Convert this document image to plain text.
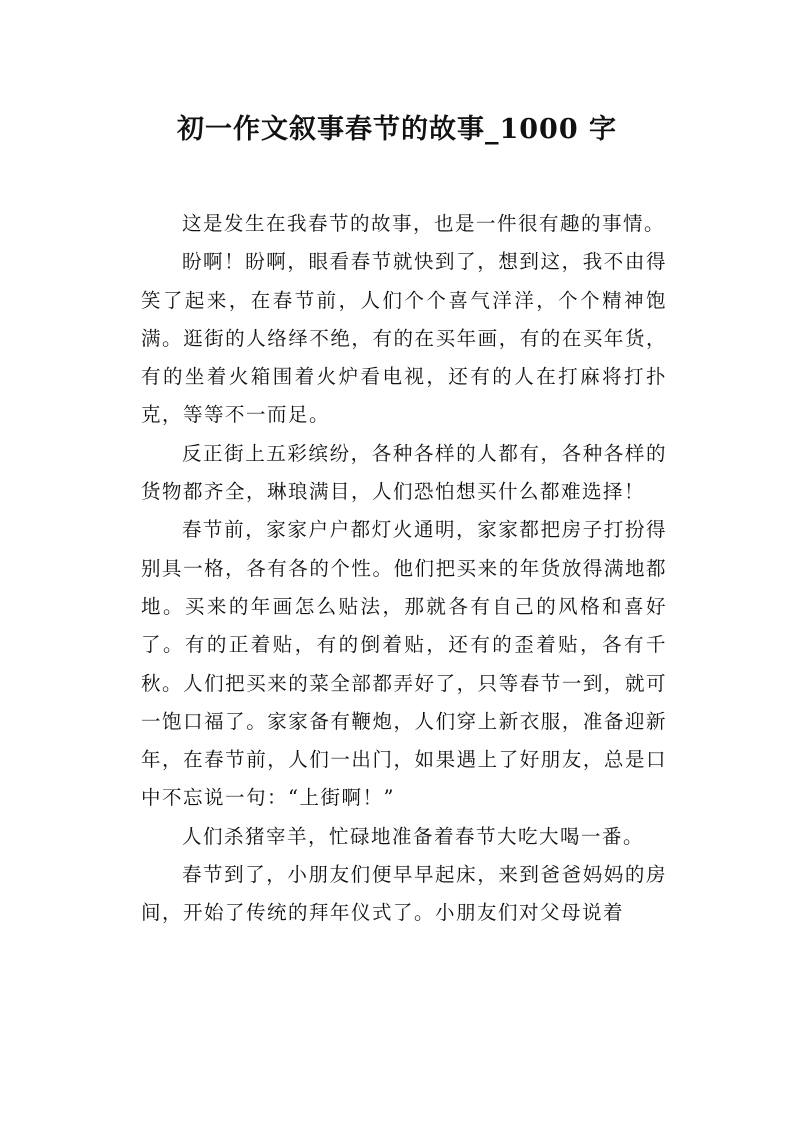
初一作文叙事春节的故事_1000 字

这是发生在我春节的故事，也是一件很有趣的事情。

盼啊！盼啊，眼看春节就快到了，想到这，我不由得笑了起来，在春节前，人们个个喜气洋洋，个个精神饱满。逛街的人络绎不绝，有的在买年画，有的在买年货，有的坐着火箱围着火炉看电视，还有的人在打麻将打扑克，等等不一而足。

反正街上五彩缤纷，各种各样的人都有，各种各样的货物都齐全，琳琅满目，人们恐怕想买什么都难选择！

春节前，家家户户都灯火通明，家家都把房子打扮得别具一格，各有各的个性。他们把买来的年货放得满地都地。买来的年画怎么贴法，那就各有自己的风格和喜好了。有的正着贴，有的倒着贴，还有的歪着贴，各有千秋。人们把买来的菜全部都弄好了，只等春节一到，就可一饱口福了。家家备有鞭炮，人们穿上新衣服，准备迎新年，在春节前，人们一出门，如果遇上了好朋友，总是口中不忘说一句：“上街啊！”

人们杀猪宰羊，忙碌地准备着春节大吃大喝一番。

春节到了，小朋友们便早早起床，来到爸爸妈妈的房间，开始了传统的拜年仪式了。小朋友们对父母说着
